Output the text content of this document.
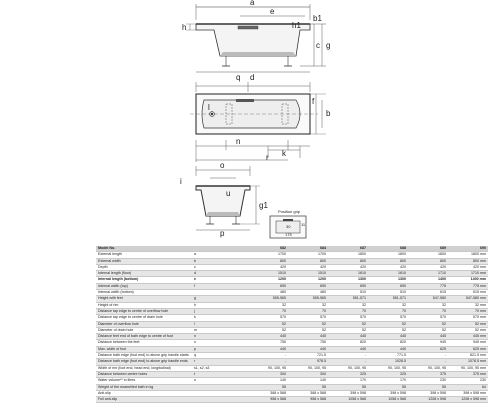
a
e
b1
h
g
c
d
q
b
f
l
n
k
r
o
i
g1
p
u
h1
Position grip
30	11
175
Model No.		682	684	687	688	689	690
External length	a	1700	1700	1800	1800	1800	1800 mm
External width	b	800	800	800	800	800	800 mm
Depth	c	420	420	420	420	420	420 mm
Internal length (floor)	d	1510	1510	1610	1610	1710	1710 mm
Internal length (bottom)	e	1200	1200	1300	1300	1400	1400 mm
Internal width (top)	f	690	690	690	690	775	775 mm
Internal width (bottom)		460	460	510	510	615	615 mm
Height with feet	g	555-565	555-565	551-571	551-571	547-580	547-580 mm
Height of rim	h	32	32	32	32	32	32 mm
Distance tap edge to centre of overflow hole	j	70	70	70	70	70	70 mm
Distance tap edge to centre of drain hole	k	570	570	570	570	570	570 mm
Diameter of overflow hole	l	52	52	52	52	52	52 mm
Diameter of drain hole	m	52	52	52	52	52	52 mm
Distance feet end of bath edge to centre of foot	n	445	445	445	445	445	445 mm
Distance between the feet	o	750	750	820	820	945	945 mm
Max. width of foot	p	440	440	440	440	625	625 mm
Distance bath edge (foot end) to above grip handle starts	q	-	721.5	-	771.5	-	821.5 mm
Distance bath edge (foot end) to above grip handle ends	r	-	978.5	-	1028.5	-	1078.5 mm
Width of rim (foot end, head end, longitudinal)	s1, s2, s3	90, 100, 95	90, 100, 95	90, 100, 95	90, 100, 95	90, 100, 95	90, 100, 95 mm
Distance between centre holes	t	300	300	325	325	375	375 mm
Water volume** in litres	u	140	140	170	170	230	230
Weight of the enamelled bath in kg		55	55	55	55	55	64
Anti-slip		368 x 568	368 x 568	398 x 598	398 x 598	398 x 598	398 x 598 mm
Full anti-slip		958 x 568	958 x 568	1058 x 568	1058 x 568	1208 x 598	1208 x 598 mm
